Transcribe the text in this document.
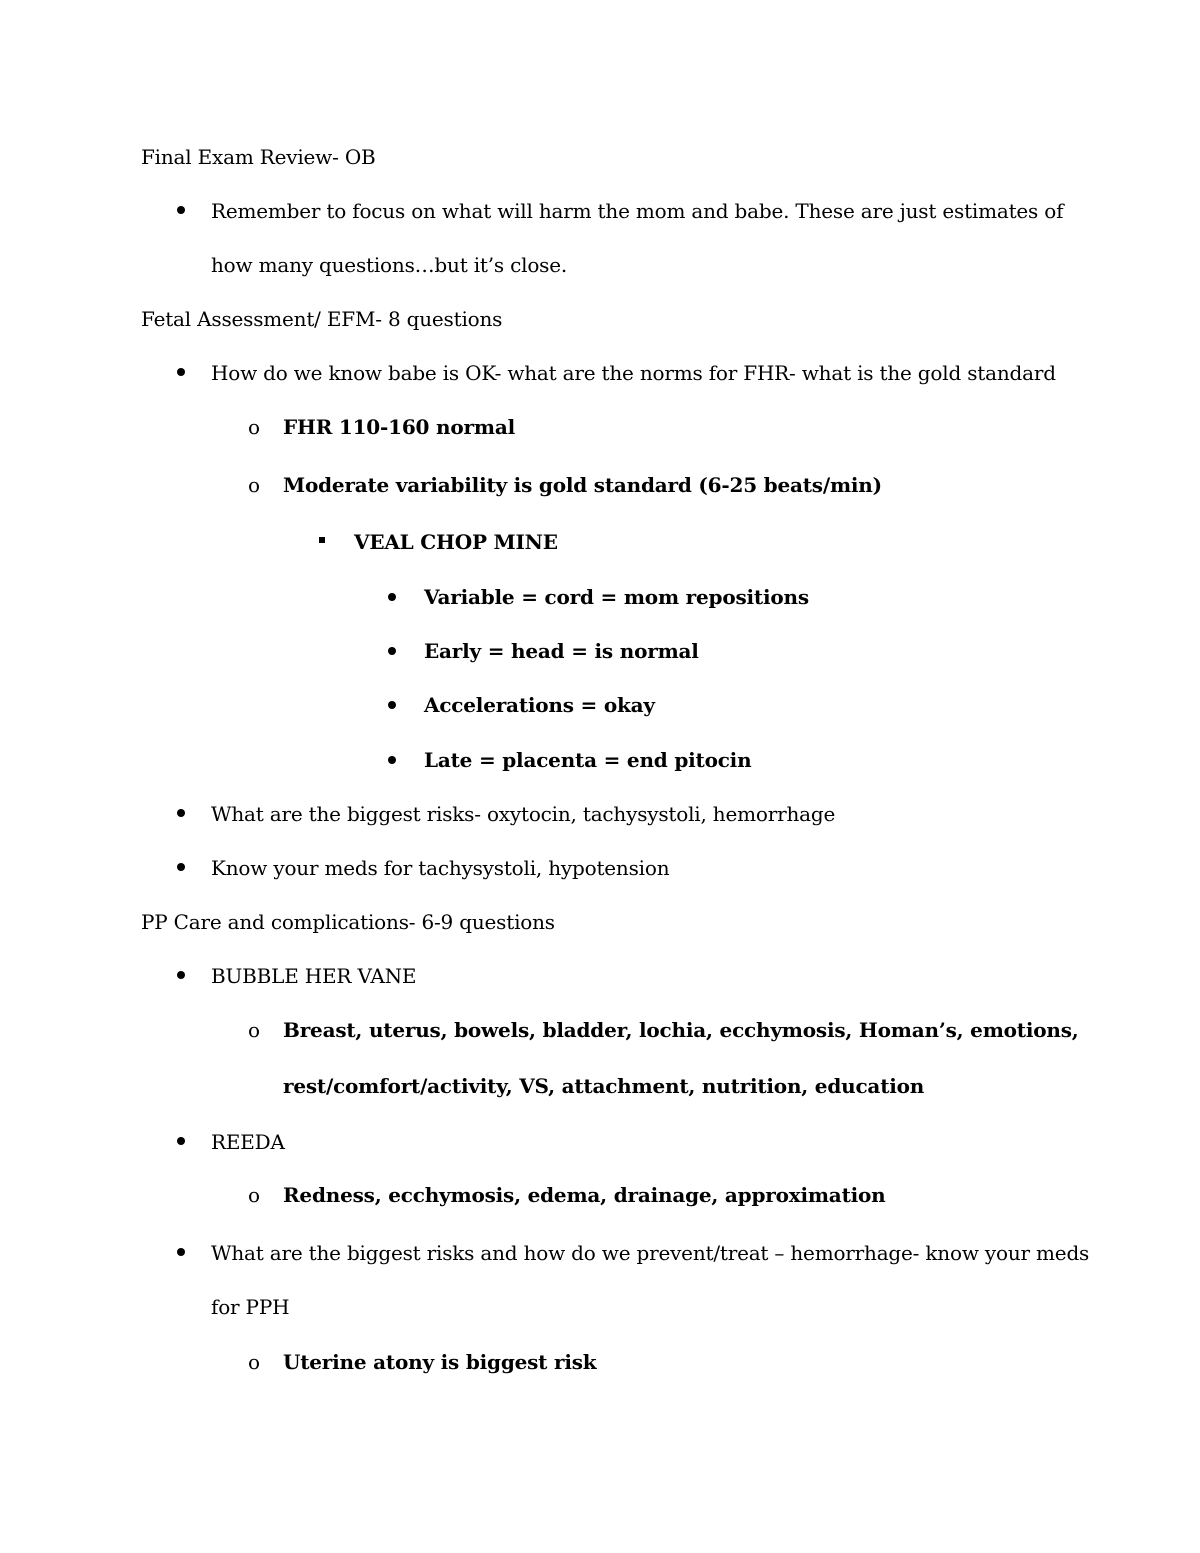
Final Exam Review- OB
Remember to focus on what will harm the mom and babe. These are just estimates of
how many questions…but it’s close.
Fetal Assessment/ EFM- 8 questions
How do we know babe is OK- what are the norms for FHR- what is the gold standard
o FHR 110-160 normal
o Moderate variability is gold standard (6-25 beats/min)
VEAL CHOP MINE
Variable = cord = mom repositions
Early = head = is normal
Accelerations = okay
Late = placenta = end pitocin
What are the biggest risks- oxytocin, tachysystoli, hemorrhage
Know your meds for tachysystoli, hypotension
PP Care and complications- 6-9 questions
BUBBLE HER VANE
o Breast, uterus, bowels, bladder, lochia, ecchymosis, Homan’s, emotions,
rest/comfort/activity, VS, attachment, nutrition, education
REEDA
o Redness, ecchymosis, edema, drainage, approximation
What are the biggest risks and how do we prevent/treat – hemorrhage- know your meds
for PPH
o Uterine atony is biggest risk
